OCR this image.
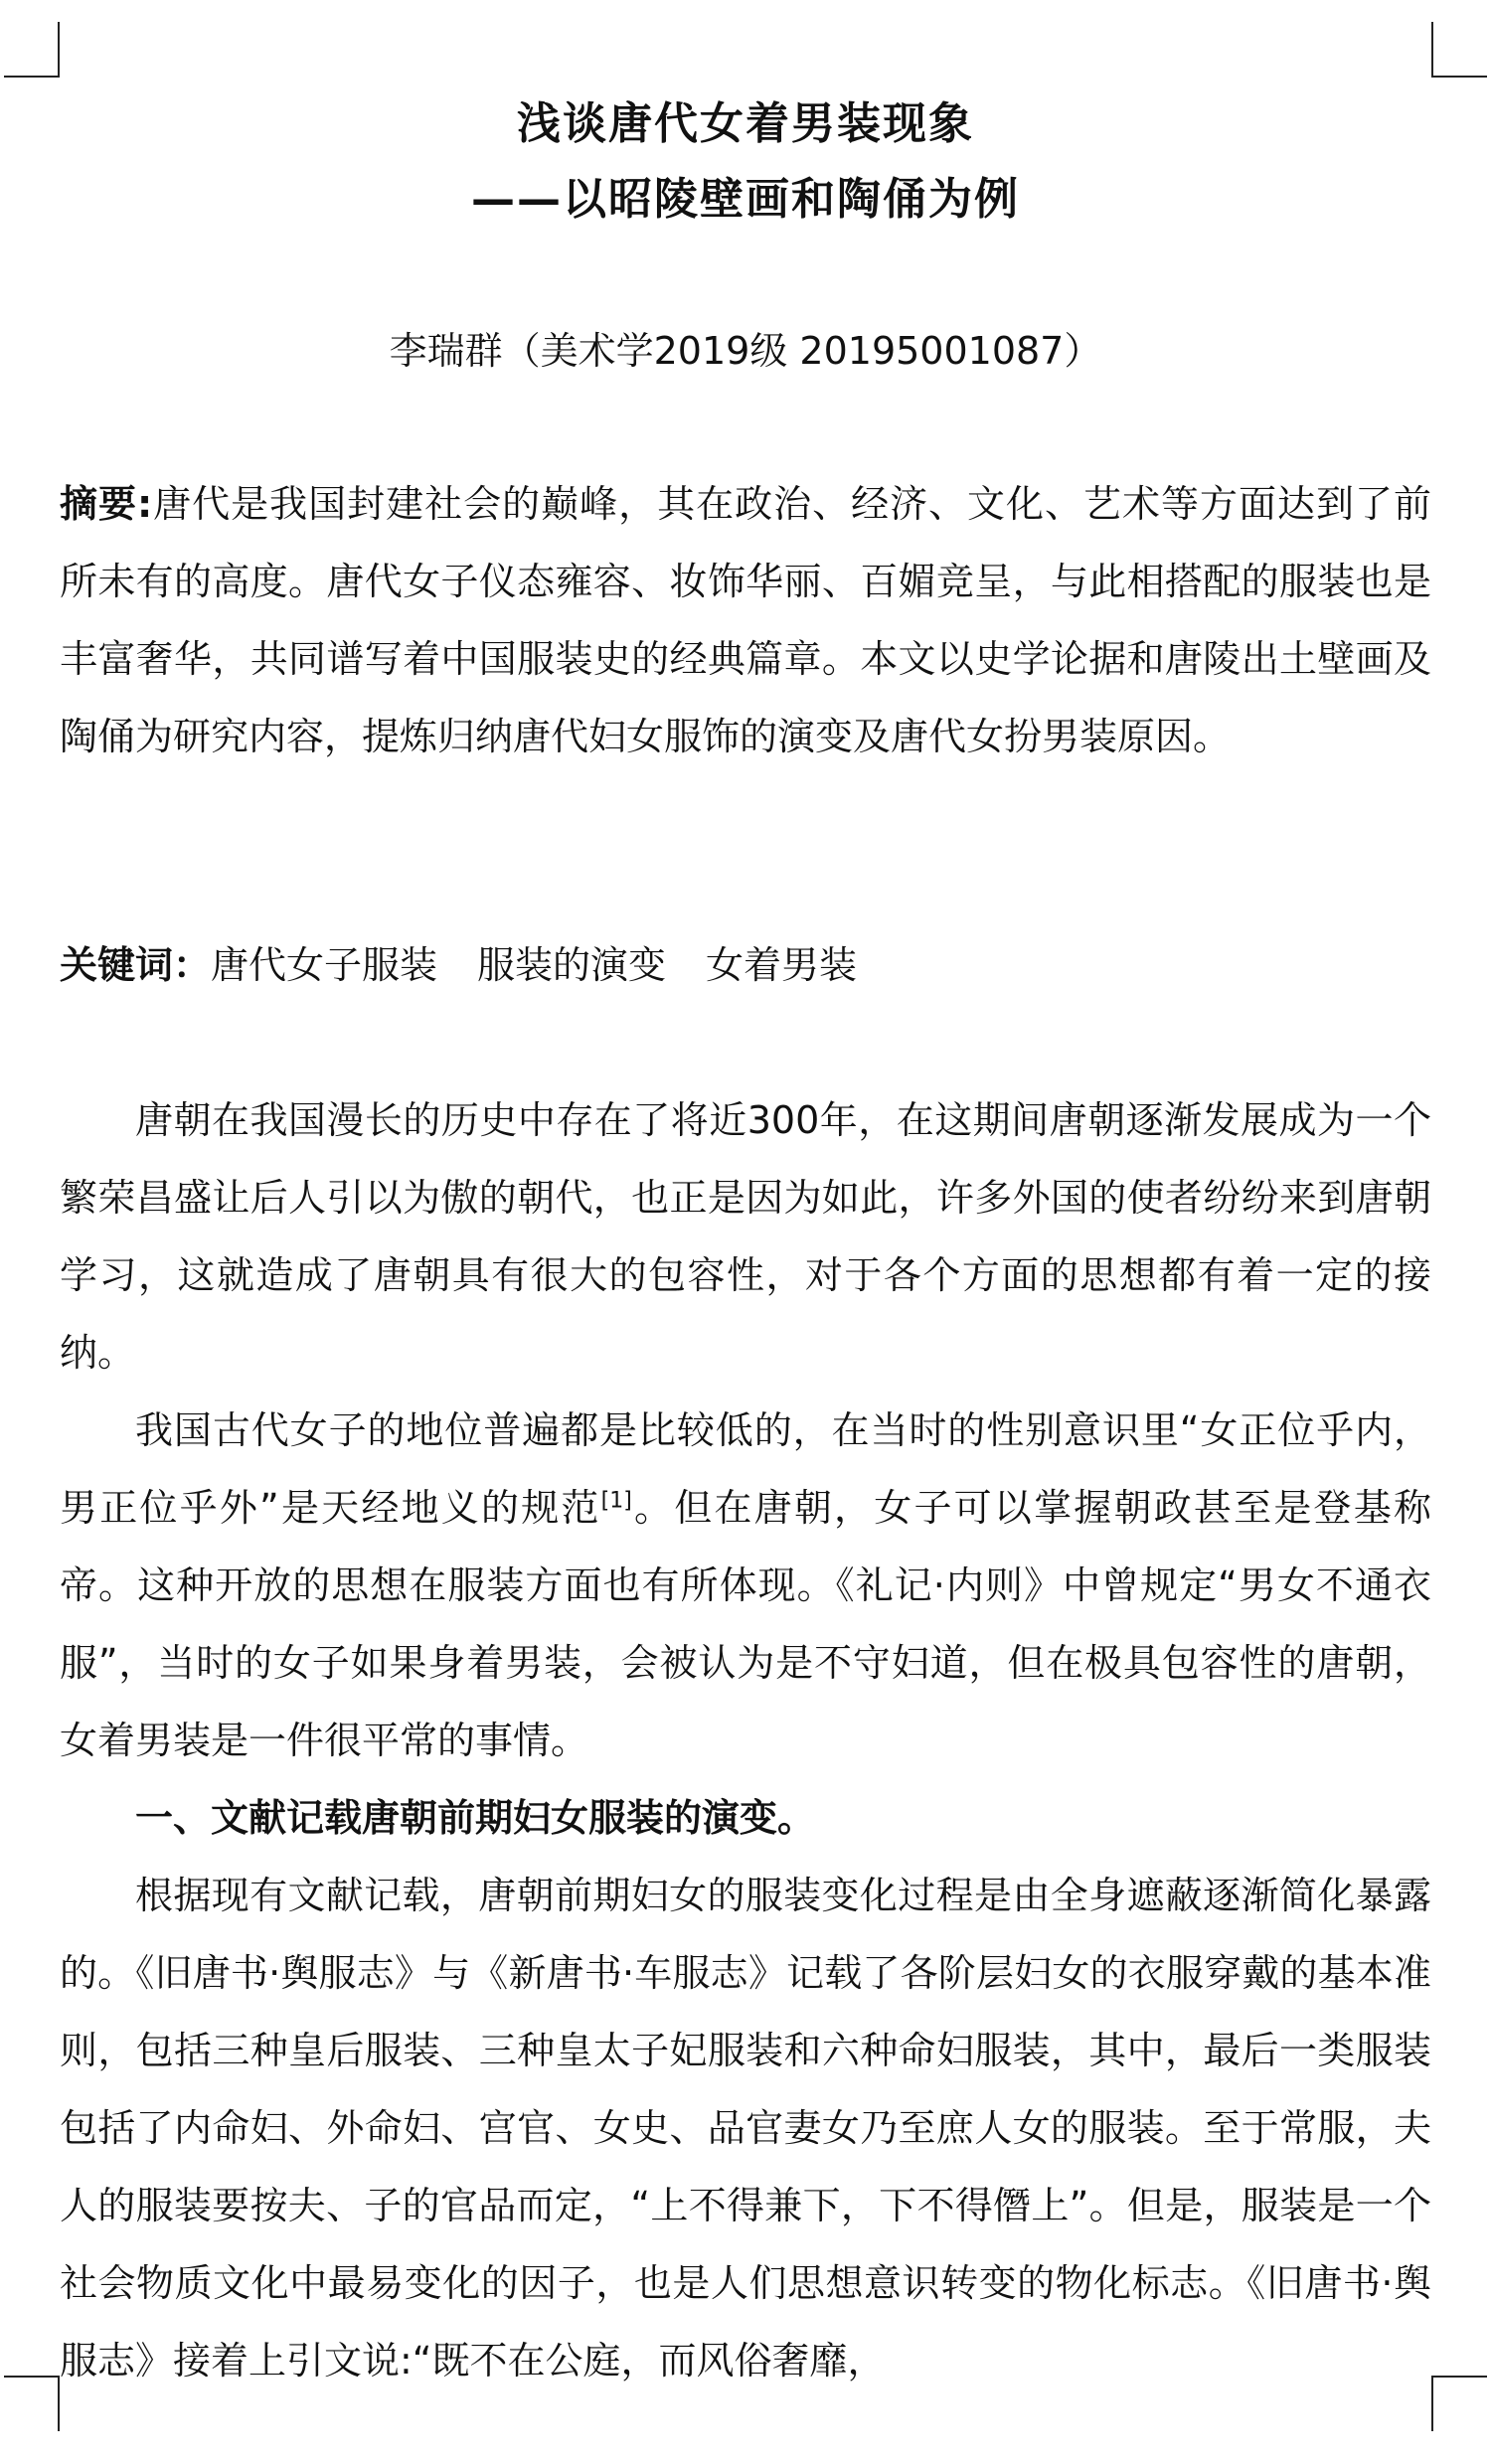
浅谈唐代女着男装现象
——以昭陵壁画和陶俑为例
李瑞群（美术学2019级 20195001087）
摘要:唐代是我国封建社会的巅峰，其在政治、经济、文化、艺术等方面达到了前所未有的高度。唐代女子仪态雍容、妆饰华丽、百媚竞呈，与此相搭配的服装也是丰富奢华，共同谱写着中国服装史的经典篇章。本文以史学论据和唐陵出土壁画及陶俑为研究内容，提炼归纳唐代妇女服饰的演变及唐代女扮男装原因。
关键词：唐代女子服装 服装的演变 女着男装
唐朝在我国漫长的历史中存在了将近300年，在这期间唐朝逐渐发展成为一个繁荣昌盛让后人引以为傲的朝代，也正是因为如此，许多外国的使者纷纷来到唐朝学习，这就造成了唐朝具有很大的包容性，对于各个方面的思想都有着一定的接纳。
我国古代女子的地位普遍都是比较低的，在当时的性别意识里“女正位乎内，男正位乎外”是天经地义的规范[1]。但在唐朝，女子可以掌握朝政甚至是登基称帝。这种开放的思想在服装方面也有所体现。《礼记·内则》中曾规定“男女不通衣服”，当时的女子如果身着男装，会被认为是不守妇道，但在极具包容性的唐朝，女着男装是一件很平常的事情。
一、文献记载唐朝前期妇女服装的演变。
根据现有文献记载，唐朝前期妇女的服装变化过程是由全身遮蔽逐渐简化暴露的。《旧唐书·舆服志》与《新唐书·车服志》记载了各阶层妇女的衣服穿戴的基本准则，包括三种皇后服装、三种皇太子妃服装和六种命妇服装，其中，最后一类服装包括了内命妇、外命妇、宫官、女史、品官妻女乃至庶人女的服装。至于常服，夫人的服装要按夫、子的官品而定，“上不得兼下，下不得僭上”。但是，服装是一个社会物质文化中最易变化的因子，也是人们思想意识转变的物化标志。《旧唐书·舆服志》接着上引文说:“既不在公庭，而风俗奢靡，
